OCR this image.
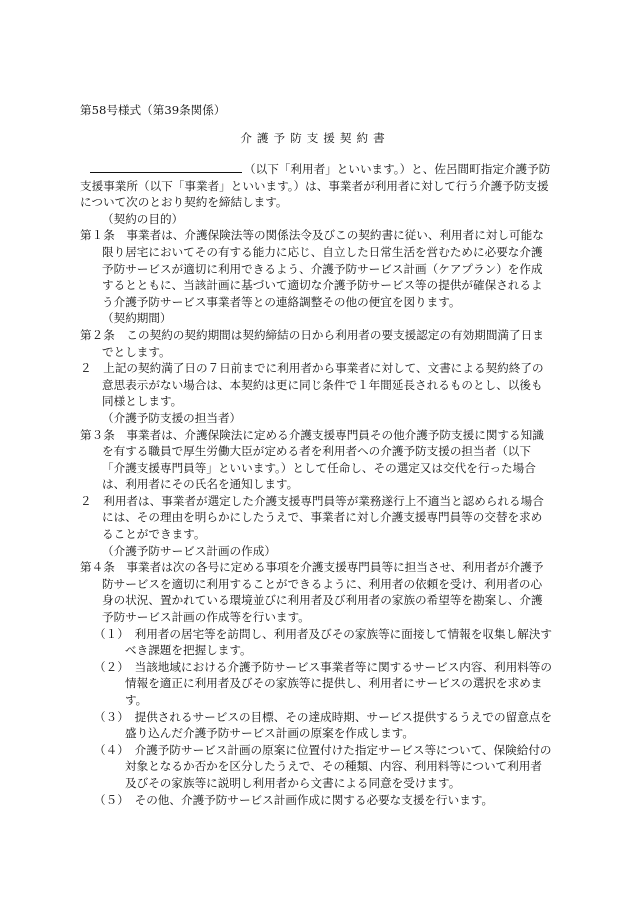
第58号様式（第39条関係）
介護予防支援契約書

（以下「利用者」といいます。）と、佐呂間町指定介護予防支援事業所（以下「事業者」といいます。）は、事業者が利用者に対して行う介護予防支援について次のとおり契約を締結します。

（契約の目的）

第１条　 事業者は、介護保険法等の関係法令及びこの契約書に従い、利用者に対し可能な限り居宅においてその有する能力に応じ、自立した日常生活を営むために必要な介護予防サービスが適切に利用できるよう、介護予防サービス計画（ケアプラン）を作成するとともに、当該計画に基づいて適切な介護予防サービス等の提供が確保されるよう介護予防サービス事業者等との連絡調整その他の便宜を図ります。

（契約期間）

第２条　 この契約の契約期間は契約締結の日から利用者の要支援認定の有効期間満了日までとします。

２　 上記の契約満了日の７日前までに利用者から事業者に対して、文書による契約終了の意思表示がない場合は、本契約は更に同じ条件で１年間延長されるものとし、以後も同様とします。

（介護予防支援の担当者）

第３条　 事業者は、介護保険法に定める介護支援専門員その他介護予防支援に関する知識を有する職員で厚生労働大臣が定める者を利用者への介護予防支援の担当者（以下「介護支援専門員等」といいます。）として任命し、その選定又は交代を行った場合は、利用者にその氏名を通知します。

２　 利用者は、事業者が選定した介護支援専門員等が業務遂行上不適当と認められる場合には、その理由を明らかにしたうえで、事業者に対し介護支援専門員等の交替を求めることができます。

（介護予防サービス計画の作成）

第４条　 事業者は次の各号に定める事項を介護支援専門員等に担当させ、利用者が介護予防サービスを適切に利用することができるように、利用者の依頼を受け、利用者の心身の状況、置かれている環境並びに利用者及び利用者の家族の希望等を勘案し、介護予防サービス計画の作成等を行います。

（１）　 利用者の居宅等を訪問し、利用者及びその家族等に面接して情報を収集し解決すべき課題を把握します。

（２）　 当該地域における介護予防サービス事業者等に関するサービス内容、利用料等の情報を適正に利用者及びその家族等に提供し、利用者にサービスの選択を求めます。

（３）　 提供されるサービスの目標、その達成時期、サービス提供するうえでの留意点を盛り込んだ介護予防サービス計画の原案を作成します。

（４）　 介護予防サービス計画の原案に位置付けた指定サービス等について、保険給付の対象となるか否かを区分したうえで、その種類、内容、利用料等について利用者及びその家族等に説明し利用者から文書による同意を受けます。

（５）　 その他、介護予防サービス計画作成に関する必要な支援を行います。
